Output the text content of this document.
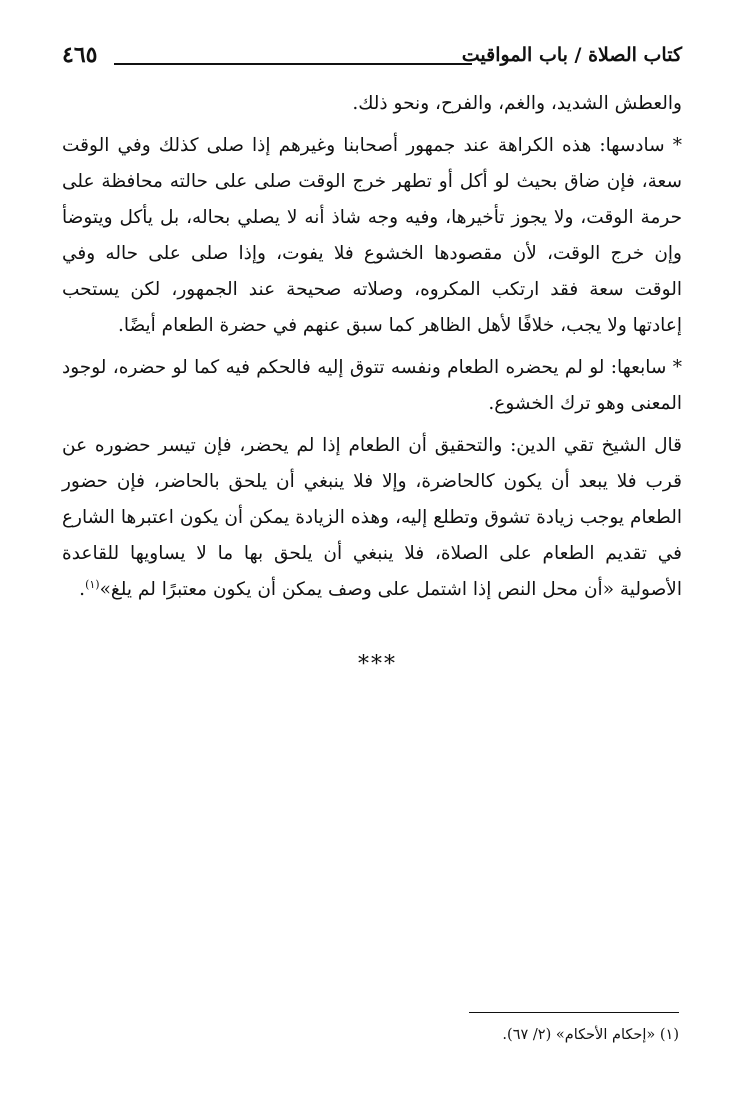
كتاب الصلاة / باب المواقيت
٤٦٥

والعطش الشديد، والغم، والفرح، ونحو ذلك.

* سادسها: هذه الكراهة عند جمهور أصحابنا وغيرهم إذا صلى كذلك وفي الوقت سعة، فإن ضاق بحيث لو أكل أو تطهر خرج الوقت صلى على حالته محافظة على حرمة الوقت، ولا يجوز تأخيرها، وفيه وجه شاذ أنه لا يصلي بحاله، بل يأكل ويتوضأ وإن خرج الوقت، لأن مقصودها الخشوع فلا يفوت، وإذا صلى على حاله وفي الوقت سعة فقد ارتكب المكروه، وصلاته صحيحة عند الجمهور، لكن يستحب إعادتها ولا يجب، خلافًا لأهل الظاهر كما سبق عنهم في حضرة الطعام أيضًا.

* سابعها: لو لم يحضره الطعام ونفسه تتوق إليه فالحكم فيه كما لو حضره، لوجود المعنى وهو ترك الخشوع.

قال الشيخ تقي الدين: والتحقيق أن الطعام إذا لم يحضر، فإن تيسر حضوره عن قرب فلا يبعد أن يكون كالحاضرة، وإلا فلا ينبغي أن يلحق بالحاضر، فإن حضور الطعام يوجب زيادة تشوق وتطلع إليه، وهذه الزيادة يمكن أن يكون اعتبرها الشارع في تقديم الطعام على الصلاة، فلا ينبغي أن يلحق بها ما لا يساويها للقاعدة الأصولية «أن محل النص إذا اشتمل على وصف يمكن أن يكون معتبرًا لم يلغ»$^{(١)}$.

***
(١) «إحكام الأحكام» (٢/ ٦٧).
